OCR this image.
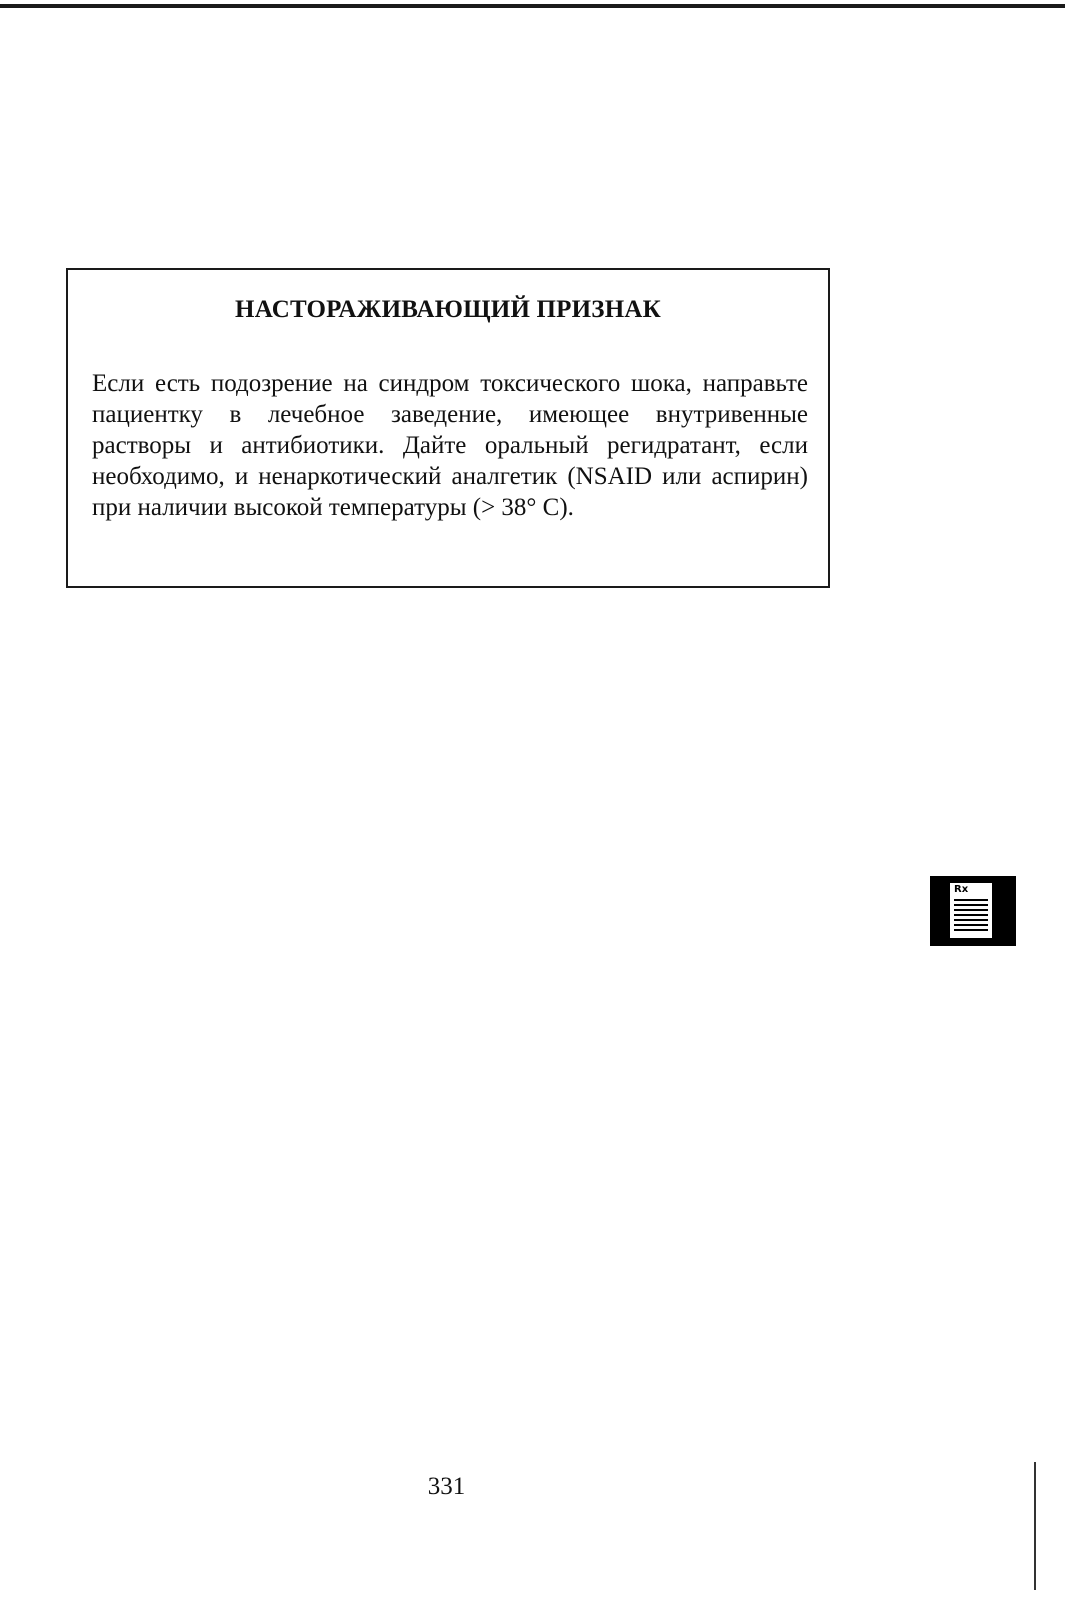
НАСТОРАЖИВАЮЩИЙ ПРИЗНАК

Если есть подозрение на синдром токсического шока, направьте пациентку в лечебное заведение, имеющее внутривенные растворы и антибиотики. Дайте оральный регидратант, если необходимо, и ненаркотический аналгетик (NSAID или аспирин) при наличии высокой температуры (> 38° С).

Rx
331
